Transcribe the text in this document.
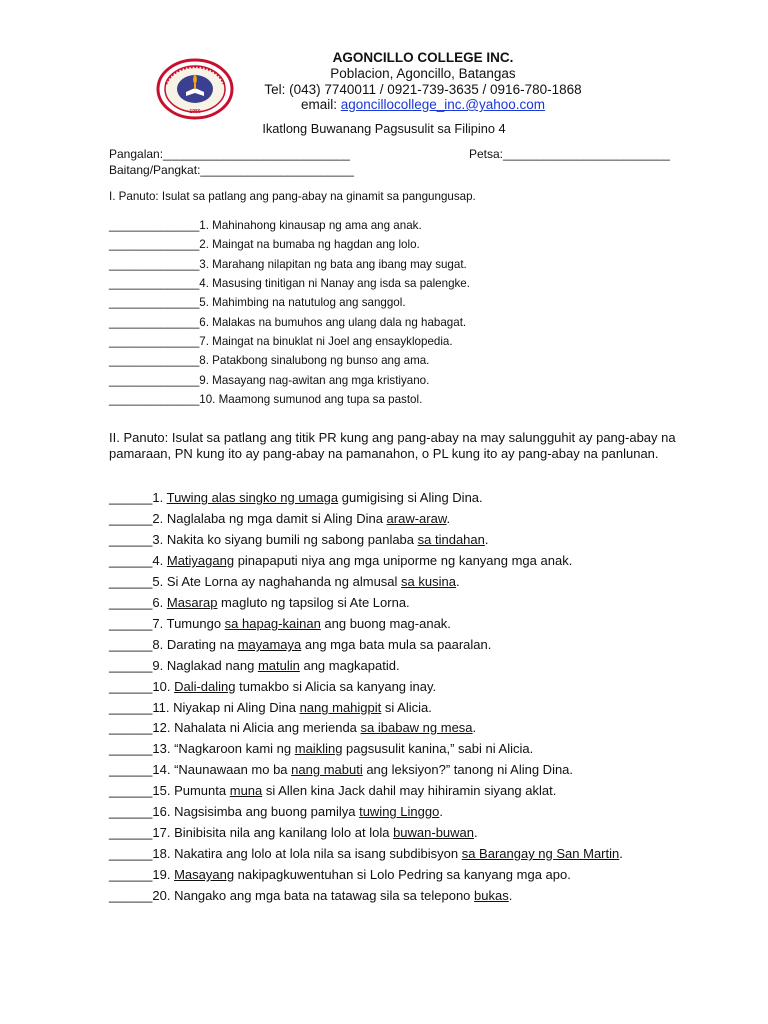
1980
AGONCILLO COLLEGE INC.
Poblacion, Agoncillo, Batangas
Tel: (043) 7740011 / 0921-739-3635 / 0916-780-1868
email: agoncillocollege_inc.@yahoo.com
Ikatlong Buwanang Pagsusulit sa Filipino 4
Pangalan:____________________________	Petsa:_________________________
Baitang/Pangkat:_______________________
I. Panuto: Isulat sa patlang ang pang-abay na ginamit sa pangungusap.
______________1. Mahinahong kinausap ng ama ang anak.
______________2. Maingat na bumaba ng hagdan ang lolo.
______________3. Marahang nilapitan ng bata ang ibang may sugat.
______________4. Masusing tinitigan ni Nanay ang isda sa palengke.
______________5. Mahimbing na natutulog ang sanggol.
______________6. Malakas na bumuhos ang ulang dala ng habagat.
______________7. Maingat na binuklat ni Joel ang ensayklopedia.
______________8. Patakbong sinalubong ng bunso ang ama.
______________9. Masayang nag-awitan ang mga kristiyano.
______________10. Maamong sumunod ang tupa sa pastol.
II. Panuto: Isulat sa patlang ang titik PR kung ang pang-abay na may salungguhit ay pang-abay na pamaraan, PN kung ito ay pang-abay na pamanahon, o PL kung ito ay pang-abay na panlunan.
______1. Tuwing alas singko ng umaga gumigising si Aling Dina.
______2. Naglalaba ng mga damit si Aling Dina araw-araw.
______3. Nakita ko siyang bumili ng sabong panlaba sa tindahan.
______4. Matiyagang pinapaputi niya ang mga uniporme ng kanyang mga anak.
______5. Si Ate Lorna ay naghahanda ng almusal sa kusina.
______6. Masarap magluto ng tapsilog si Ate Lorna.
______7. Tumungo sa hapag-kainan ang buong mag-anak.
______8. Darating na mayamaya ang mga bata mula sa paaralan.
______9. Naglakad nang matulin ang magkapatid.
______10. Dali-daling tumakbo si Alicia sa kanyang inay.
______11. Niyakap ni Aling Dina nang mahigpit si Alicia.
______12. Nahalata ni Alicia ang merienda sa ibabaw ng mesa.
______13. “Nagkaroon kami ng maikling pagsusulit kanina,” sabi ni Alicia.
______14. “Naunawaan mo ba nang mabuti ang leksiyon?” tanong ni Aling Dina.
______15. Pumunta muna si Allen kina Jack dahil may hihiramin siyang aklat.
______16. Nagsisimba ang buong pamilya tuwing Linggo.
______17. Binibisita nila ang kanilang lolo at lola buwan-buwan.
______18. Nakatira ang lolo at lola nila sa isang subdibisyon sa Barangay ng San Martin.
______19. Masayang nakipagkuwentuhan si Lolo Pedring sa kanyang mga apo.
______20. Nangako ang mga bata na tatawag sila sa telepono bukas.
